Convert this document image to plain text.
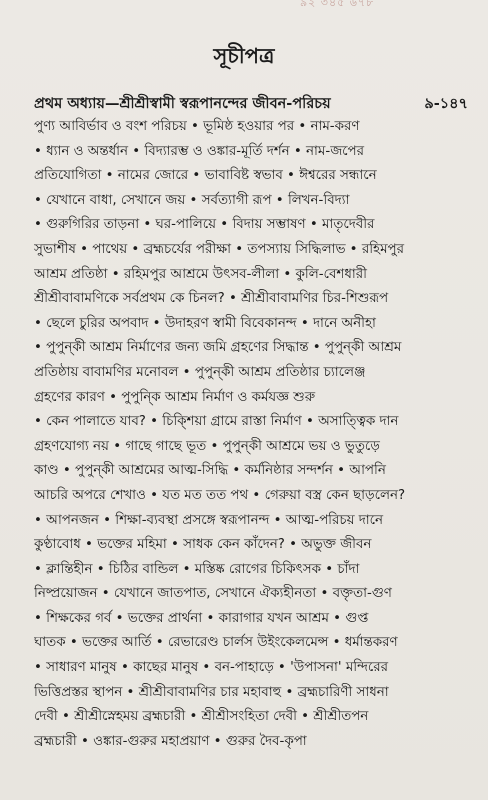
৯২ ৩৪৫ ৬৭৮
সূচীপত্র
প্রথম অধ্যায়—শ্রীশ্রীস্বামী স্বরূপানন্দের জীবন-পরিচয়	৯-১৪৭
পুণ্য আবির্ভাব ও বংশ পরিচয় • ভূমিষ্ঠ হওয়ার পর • নাম-করণ
• ধ্যান ও অন্তর্ধান • বিদ্যারম্ভ ও ওঙ্কার-মূর্তি দর্শন • নাম-জপের
প্রতিযোগিতা • নামের জোরে • ভাবাবিষ্ট স্বভাব • ঈশ্বরের সন্ধানে
• যেখানে বাধা, সেখানে জয় • সর্বত্যাগী রূপ • লিখন-বিদ্যা
• গুরুগিরির তাড়না • ঘর-পালিয়ে • বিদায় সম্ভাষণ • মাতৃদেবীর
সুভাশীষ • পাথেয় • ব্রহ্মচর্যের পরীক্ষা • তপস্যায় সিদ্ধিলাভ • রহিমপুর
আশ্রম প্রতিষ্ঠা • রহিমপুর আশ্রমে উৎসব-লীলা • কুলি-বেশধারী
শ্রীশ্রীবাবামণিকে সর্বপ্রথম কে চিনল? • শ্রীশ্রীবাবামণির চির-শিশুরূপ
• ছেলে চুরির অপবাদ • উদাহরণ স্বামী বিবেকানন্দ • দানে অনীহা
• পুপুন্কী আশ্রম নির্মাণের জন্য জমি গ্রহণের সিদ্ধান্ত • পুপুন্কী আশ্রম
প্রতিষ্ঠায় বাবামণির মনোবল • পুপুন্কী আশ্রম প্রতিষ্ঠার চ্যালেঞ্জ
গ্রহণের কারণ • পুপুন্কি আশ্রম নির্মাণ ও কর্মযজ্ঞ শুরু
• কেন পালাতে যাব? • চিক্শিয়া গ্রামে রাস্তা নির্মাণ • অসাত্ত্বিক দান
গ্রহণযোগ্য নয় • গাছে গাছে ভূত • পুপুন্কী আশ্রমে ভয় ও ভুতুড়ে
কাণ্ড • পুপুন্কী আশ্রমের আত্ম-সিদ্ধি • কর্মনিষ্ঠার সন্দর্শন • আপনি
আচরি অপরে শেখাও • যত মত তত পথ • গেরুয়া বস্ত্র কেন ছাড়লেন?
• আপনজন • শিক্ষা-ব্যবস্থা প্রসঙ্গে স্বরূপানন্দ • আত্ম-পরিচয় দানে
কুণ্ঠাবোধ • ভক্তের মহিমা • সাধক কেন কাঁদেন? • অভুক্ত জীবন
• ক্লান্তিহীন • চিঠির বান্ডিল • মস্তিষ্ক রোগের চিকিৎসক • চাঁদা
নিষ্প্রয়োজন • যেখানে জাতপাত, সেখানে ঐক্যহীনতা • বক্তৃতা-গুণ
• শিক্ষকের গর্ব • ভক্তের প্রার্থনা • কারাগার যখন আশ্রম • গুপ্ত
ঘাতক • ভক্তের আর্তি • রেভারেণ্ড চার্লস উইংকেলমেন্স • ধর্মান্তকরণ
• সাধারণ মানুষ • কাছের মানুষ • বন-পাহাড়ে • 'উপাসনা' মন্দিরের
ভিত্তিপ্রস্তর স্থাপন • শ্রীশ্রীবাবামণির চার মহাবাহু • ব্রহ্মচারিণী সাধনা
দেবী • শ্রীশ্রীস্নেহময় ব্রহ্মচারী • শ্রীশ্রীসংহিতা দেবী • শ্রীশ্রীতপন
ব্রহ্মচারী • ওঙ্কার-গুরুর মহাপ্রয়াণ • গুরুর দৈব-কৃপা
